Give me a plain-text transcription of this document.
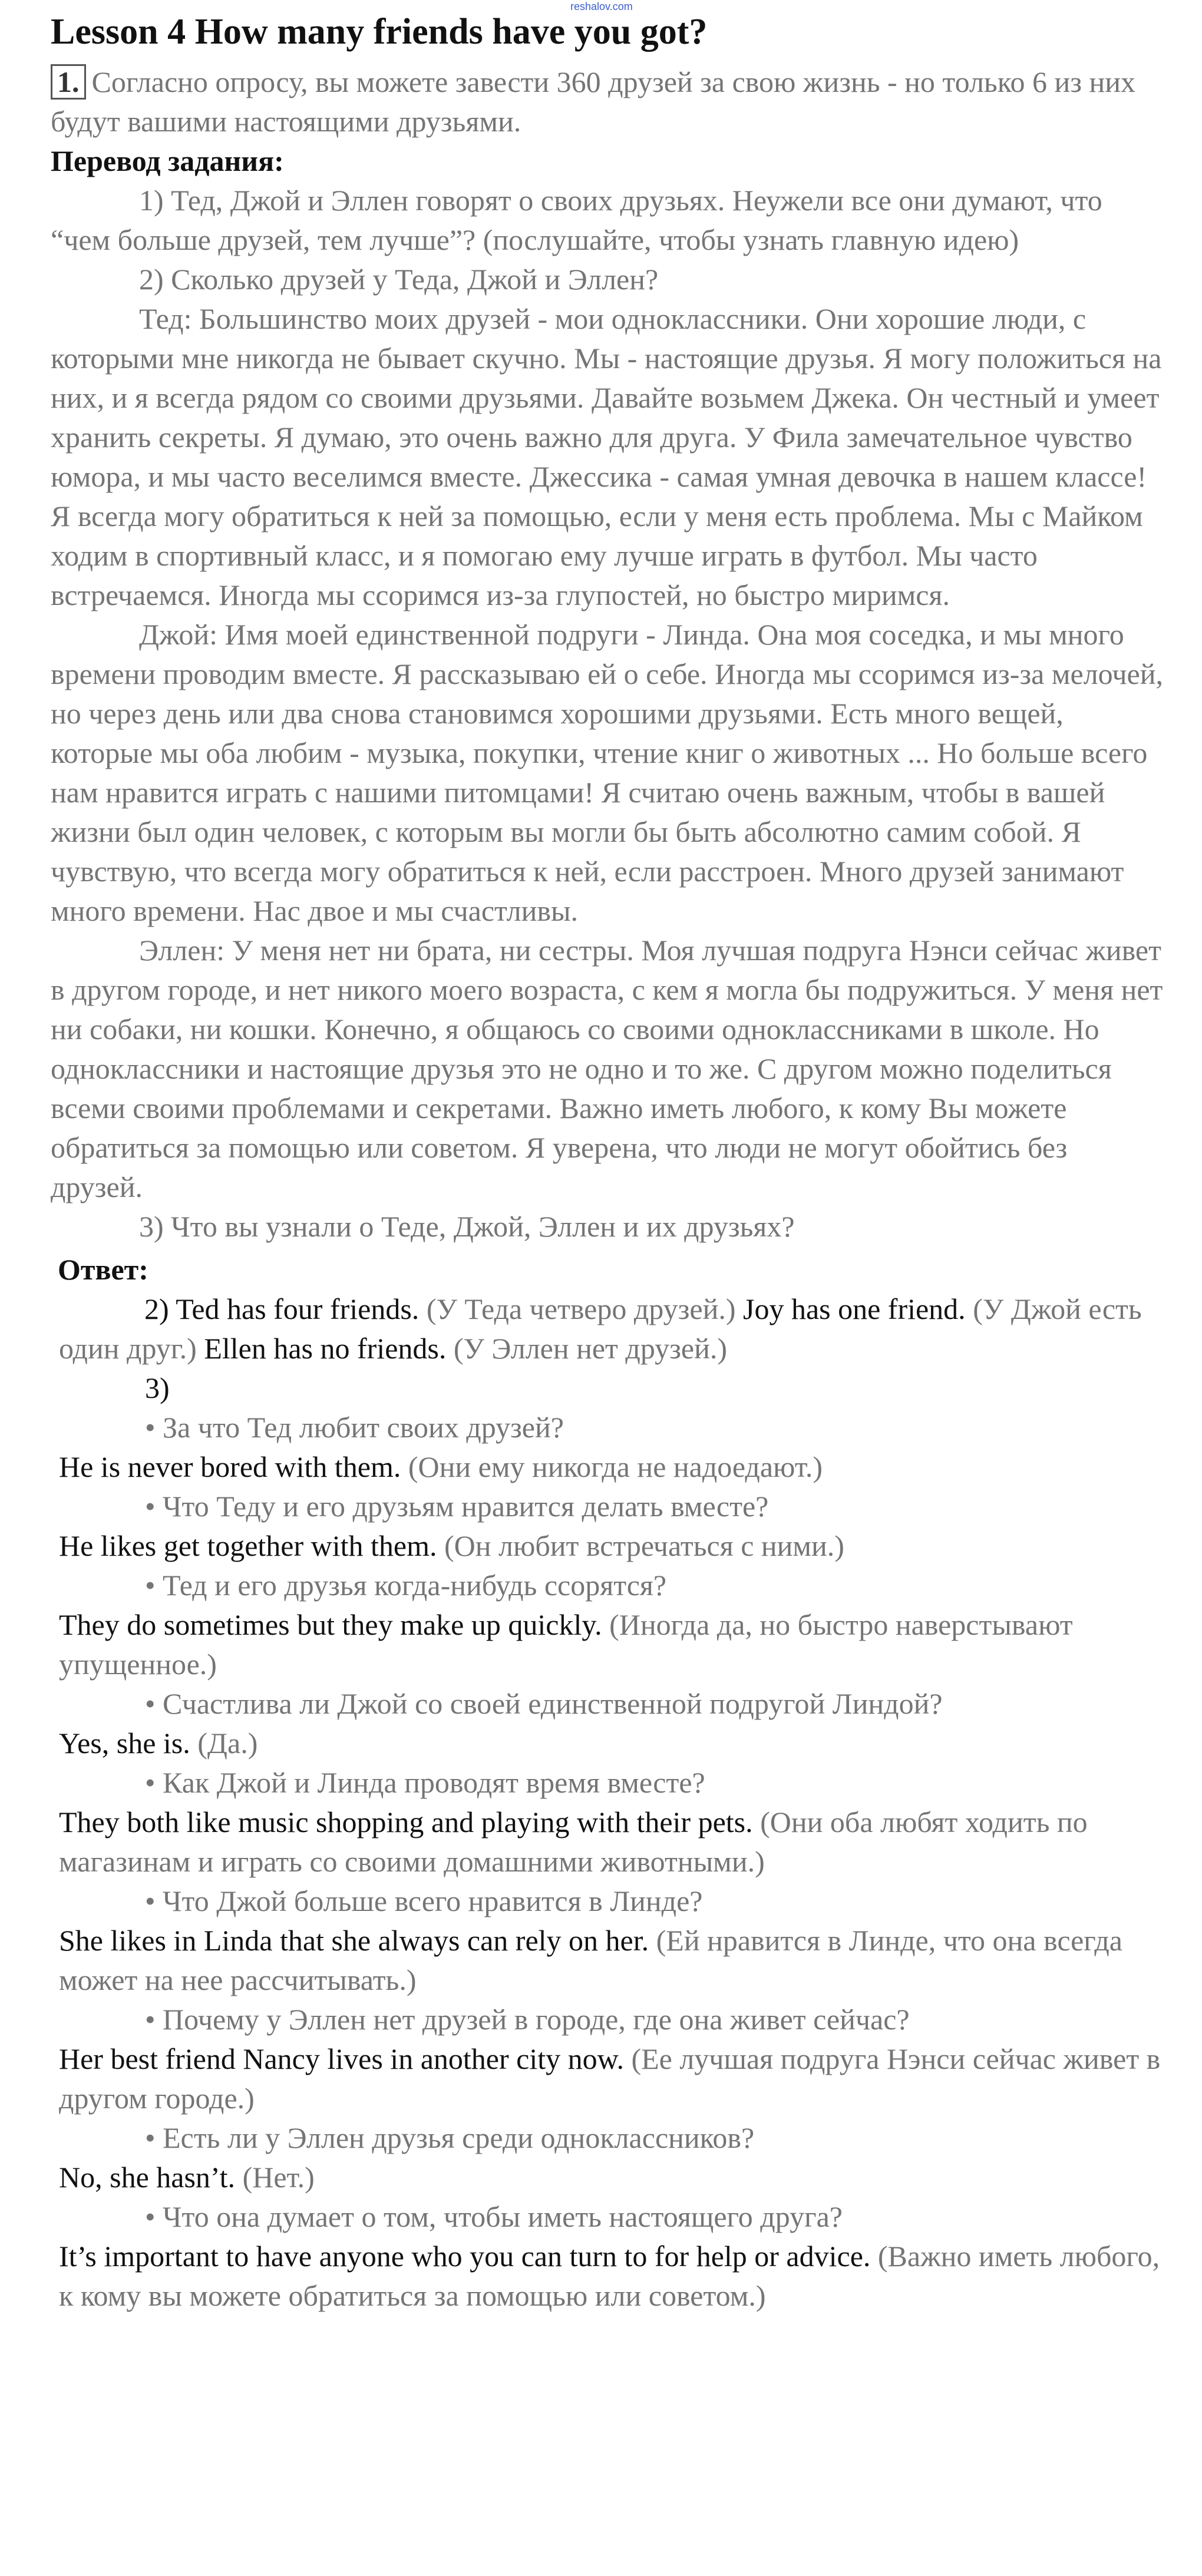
reshalov.com
Lesson 4 How many friends have you got?

1. Согласно опросу, вы можете завести 360 друзей за свою жизнь - но только 6 из них будут вашими настоящими друзьями.

Перевод задания:

1) Тед, Джой и Эллен говорят о своих друзьях. Неужели все они думают, что “чем больше друзей, тем лучше”? (послушайте, чтобы узнать главную идею)

2) Сколько друзей у Теда, Джой и Эллен?

Тед: Большинство моих друзей - мои одноклассники. Они хорошие люди, с которыми мне никогда не бывает скучно. Мы - настоящие друзья. Я могу положиться на них, и я всегда рядом со своими друзьями. Давайте возьмем Джека. Он честный и умеет хранить секреты. Я думаю, это очень важно для друга. У Фила замечательное чувство юмора, и мы часто веселимся вместе. Джессика - самая умная девочка в нашем классе! Я всегда могу обратиться к ней за помощью, если у меня есть проблема. Мы с Майком ходим в спортивный класс, и я помогаю ему лучше играть в футбол. Мы часто встречаемся. Иногда мы ссоримся из-за глупостей, но быстро миримся.

Джой: Имя моей единственной подруги - Линда. Она моя соседка, и мы много времени проводим вместе. Я рассказываю ей о себе. Иногда мы ссоримся из-за мелочей, но через день или два снова становимся хорошими друзьями. Есть много вещей, которые мы оба любим - музыка, покупки, чтение книг о животных ... Но больше всего нам нравится играть с нашими питомцами! Я считаю очень важным, чтобы в вашей жизни был один человек, с которым вы могли бы быть абсолютно самим собой. Я чувствую, что всегда могу обратиться к ней, если расстроен. Много друзей занимают много времени. Нас двое и мы счастливы.

Эллен: У меня нет ни брата, ни сестры. Моя лучшая подруга Нэнси сейчас живет в другом городе, и нет никого моего возраста, с кем я могла бы подружиться. У меня нет ни собаки, ни кошки. Конечно, я общаюсь со своими одноклассниками в школе. Но одноклассники и настоящие друзья это не одно и то же. С другом можно поделиться всеми своими проблемами и секретами. Важно иметь любого, к кому Вы можете обратиться за помощью или советом. Я уверена, что люди не могут обойтись без друзей.

3) Что вы узнали о Теде, Джой, Эллен и их друзьях?

Ответ:

2) Ted has four friends. (У Теда четверо друзей.) Joy has one friend. (У Джой есть один друг.) Ellen has no friends. (У Эллен нет друзей.)

3)

• За что Тед любит своих друзей?

He is never bored with them. (Они ему никогда не надоедают.)

• Что Теду и его друзьям нравится делать вместе?

He likes get together with them. (Он любит встречаться с ними.)

• Тед и его друзья когда-нибудь ссорятся?

They do sometimes but they make up quickly. (Иногда да, но быстро наверстывают упущенное.)

• Счастлива ли Джой со своей единственной подругой Линдой?

Yes, she is. (Да.)

• Как Джой и Линда проводят время вместе?

They both like music shopping and playing with their pets. (Они оба любят ходить по магазинам и играть со своими домашними животными.)

• Что Джой больше всего нравится в Линде?

She likes in Linda that she always can rely on her. (Ей нравится в Линде, что она всегда может на нее рассчитывать.)

• Почему у Эллен нет друзей в городе, где она живет сейчас?

Her best friend Nancy lives in another city now. (Ее лучшая подруга Нэнси сейчас живет в другом городе.)

• Есть ли у Эллен друзья среди одноклассников?

No, she hasn’t. (Нет.)

• Что она думает о том, чтобы иметь настоящего друга?

It’s important to have anyone who you can turn to for help or advice. (Важно иметь любого, к кому вы можете обратиться за помощью или советом.)
